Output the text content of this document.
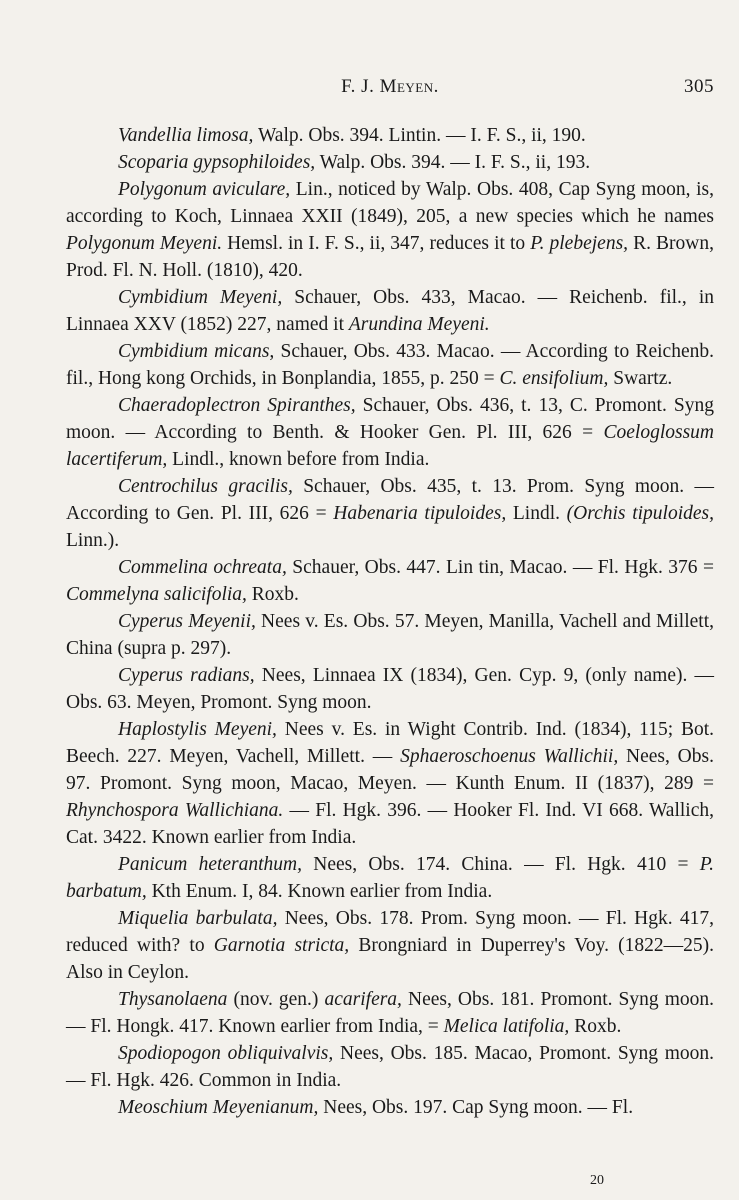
F. J. Meyen.	305

Vandellia limosa, Walp. Obs. 394. Lintin. — I. F. S., ii, 190.

Scoparia gypsophiloides, Walp. Obs. 394. — I. F. S., ii, 193.

Polygonum aviculare, Lin., noticed by Walp. Obs. 408, Cap Syng moon, is, according to Koch, Linnaea XXII (1849), 205, a new species which he names Polygonum Meyeni. Hemsl. in I. F. S., ii, 347, reduces it to P. plebejens, R. Brown, Prod. Fl. N. Holl. (1810), 420.

Cymbidium Meyeni, Schauer, Obs. 433, Macao. — Reichenb. fil., in Linnaea XXV (1852) 227, named it Arundina Meyeni.

Cymbidium micans, Schauer, Obs. 433. Macao. — According to Reichenb. fil., Hong kong Orchids, in Bonplandia, 1855, p. 250 = C. ensifolium, Swartz.

Chaeradoplectron Spiranthes, Schauer, Obs. 436, t. 13, C. Promont. Syng moon. — According to Benth. & Hooker Gen. Pl. III, 626 = Coeloglossum lacertiferum, Lindl., known before from India.

Centrochilus gracilis, Schauer, Obs. 435, t. 13. Prom. Syng moon. — According to Gen. Pl. III, 626 = Habenaria tipuloides, Lindl. (Orchis tipuloides, Linn.).

Commelina ochreata, Schauer, Obs. 447. Lin tin, Macao. — Fl. Hgk. 376 = Commelyna salicifolia, Roxb.

Cyperus Meyenii, Nees v. Es. Obs. 57. Meyen, Manilla, Vachell and Millett, China (supra p. 297).

Cyperus radians, Nees, Linnaea IX (1834), Gen. Cyp. 9, (only name). — Obs. 63. Meyen, Promont. Syng moon.

Haplostylis Meyeni, Nees v. Es. in Wight Contrib. Ind. (1834), 115; Bot. Beech. 227. Meyen, Vachell, Millett. — Sphaeroschoenus Wallichii, Nees, Obs. 97. Promont. Syng moon, Macao, Meyen. — Kunth Enum. II (1837), 289 = Rhynchospora Wallichiana. — Fl. Hgk. 396. — Hooker Fl. Ind. VI 668. Wallich, Cat. 3422. Known earlier from India.

Panicum heteranthum, Nees, Obs. 174. China. — Fl. Hgk. 410 = P. barbatum, Kth Enum. I, 84. Known earlier from India.

Miquelia barbulata, Nees, Obs. 178. Prom. Syng moon. — Fl. Hgk. 417, reduced with? to Garnotia stricta, Brongniard in Duperrey's Voy. (1822—25). Also in Ceylon.

Thysanolaena (nov. gen.) acarifera, Nees, Obs. 181. Promont. Syng moon. — Fl. Hongk. 417. Known earlier from India, = Melica latifolia, Roxb.

Spodiopogon obliquivalvis, Nees, Obs. 185. Macao, Promont. Syng moon. — Fl. Hgk. 426. Common in India.

Meoschium Meyenianum, Nees, Obs. 197. Cap Syng moon. — Fl.

20
